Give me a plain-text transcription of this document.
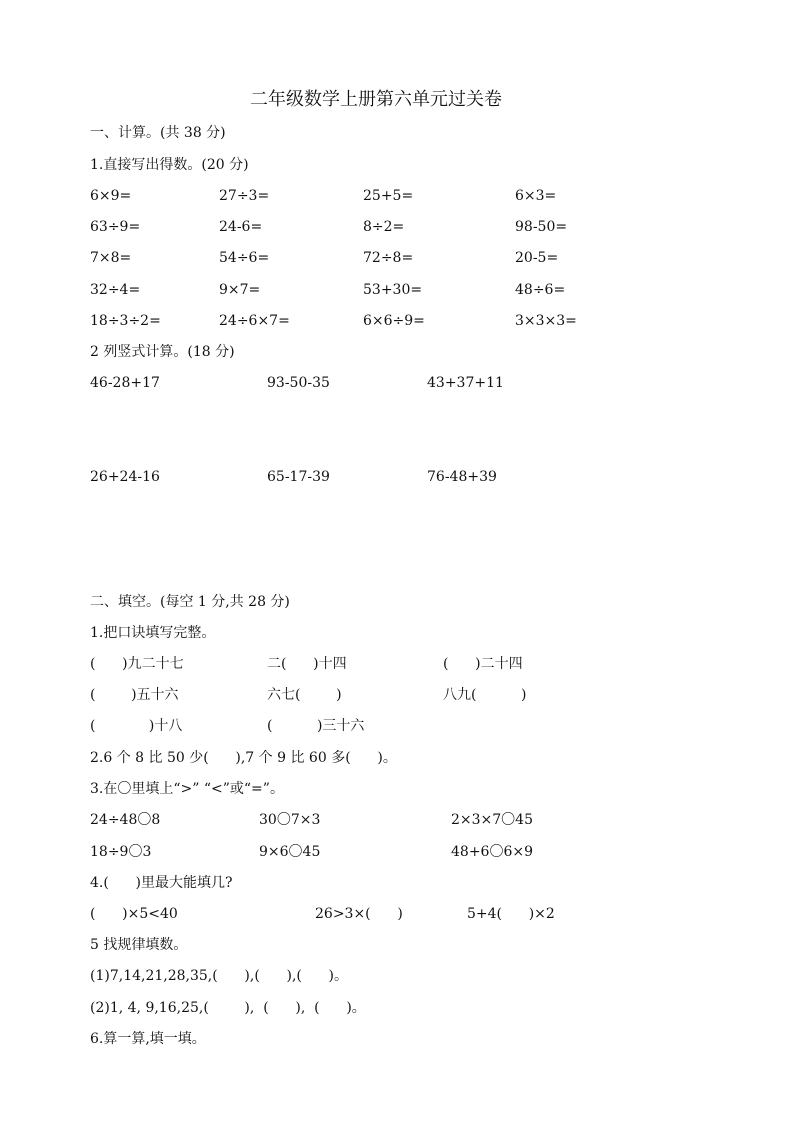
二年级数学上册第六单元过关卷
一、计算。(共 38 分)
1.直接写出得数。(20 分)
6×9=	27÷3=	25+5=	6×3=
63÷9=	24-6=	8÷2=	98-50=
7×8=	54÷6=	72÷8=	20-5=
32÷4=	9×7=	53+30=	48÷6=
18÷3÷2=	24÷6×7=	6×6÷9=	3×3×3=
2 列竖式计算。(18 分)
46-28+17	93-50-35	43+37+11
26+24-16	65-17-39	76-48+39
二、填空。(每空 1 分,共 28 分)
1.把口诀填写完整。
(      )九二十七	二(      )十四	(      )二十四
(        )五十六	六七(        )	八九(          )
(            )十八	(          )三十六
2.6 个 8 比 50 少(      ),7 个 9 比 60 多(      )。
3.在〇里填上“>” “<”或“=”。
24÷48〇8	30〇7×3	2×3×7〇45
18÷9〇3	9×6〇45	48+6〇6×9
4.(      )里最大能填几?
(      )×5<40	26>3×(      )	5+4(      )×2
5 找规律填数。
(1)7,14,21,28,35,(      ),(      ),(      )。
(2)1, 4, 9,16,25,(        ),  (      ),  (      )。
6.算一算,填一填。
